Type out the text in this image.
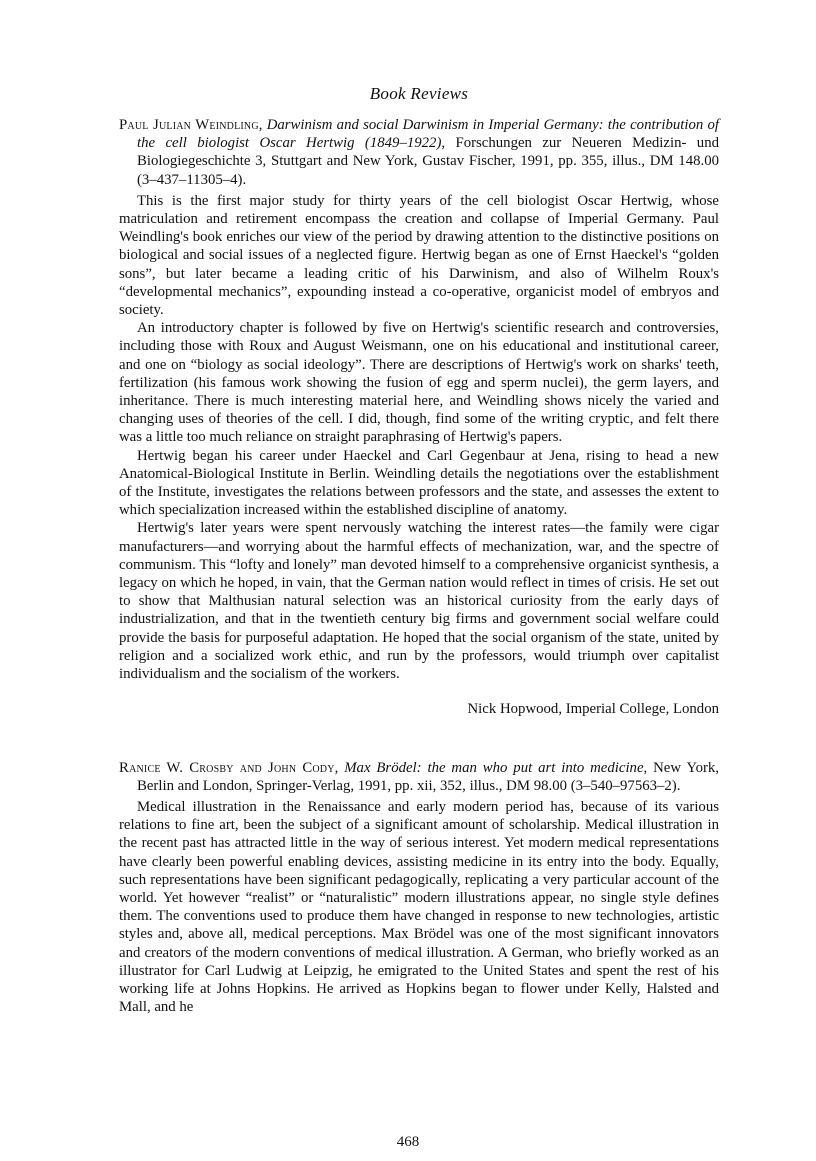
Book Reviews

Paul Julian Weindling, Darwinism and social Darwinism in Imperial Germany: the contribution of the cell biologist Oscar Hertwig (1849–1922), Forschungen zur Neueren Medizin- und Biologiegeschichte 3, Stuttgart and New York, Gustav Fischer, 1991, pp. 355, illus., DM 148.00 (3–437–11305–4).

This is the first major study for thirty years of the cell biologist Oscar Hertwig, whose matriculation and retirement encompass the creation and collapse of Imperial Germany. Paul Weindling's book enriches our view of the period by drawing attention to the distinctive positions on biological and social issues of a neglected figure. Hertwig began as one of Ernst Haeckel's “golden sons”, but later became a leading critic of his Darwinism, and also of Wilhelm Roux's “developmental mechanics”, expoundinɡ instead a co-operative, organicist model of embryos and society.

An introductory chapter is followed by five on Hertwig's scientific research and controversies, including those with Roux and August Weismann, one on his educational and institutional career, and one on “biology as social ideology”. There are descriptions of Hertwig's work on sharks' teeth, fertilization (his famous work showing the fusion of egg and sperm nuclei), the germ layers, and inheritance. There is much interesting material here, and Weindling shows nicely the varied and changing uses of theories of the cell. I did, though, find some of the writing cryptic, and felt there was a little too much reliance on straight paraphrasing of Hertwig's papers.

Hertwig began his career under Haeckel and Carl Gegenbaur at Jena, rising to head a new Anatomical-Biological Institute in Berlin. Weindling details the negotiations over the establishment of the Institute, investigates the relations between professors and the state, and assesses the extent to which specialization increased within the established discipline of anatomy.

Hertwig's later years were spent nervously watching the interest rates—the family were cigar manufacturers—and worrying about the harmful effects of mechanization, war, and the spectre of communism. This “lofty and lonely” man devoted himself to a comprehensive organicist synthesis, a legacy on which he hoped, in vain, that the German nation would reflect in times of crisis. He set out to show that Malthusian natural selection was an historical curiosity from the early days of industrialization, and that in the twentieth century big firms and government social welfare could provide the basis for purposeful adaptation. He hoped that the social organism of the state, united by religion and a socialized work ethic, and run by the professors, would triumph over capitalist individualism and the socialism of the workers.

Nick Hopwood, Imperial College, London

Ranice W. Crosby and John Cody, Max Brödel: the man who put art into medicine, New York, Berlin and London, Springer-Verlag, 1991, pp. xii, 352, illus., DM 98.00 (3–540–97563–2).

Medical illustration in the Renaissance and early modern period has, because of its various relations to fine art, been the subject of a significant amount of scholarship. Medical illustration in the recent past has attracted little in the way of serious interest. Yet modern medical representations have clearly been powerful enabling devices, assisting medicine in its entry into the body. Equally, such representations have been significant pedagogically, replicating a very particular account of the world. Yet however “realist” or “naturalistic” modern illustrations appear, no single style defines them. The conventions used to produce them have changed in response to new technologies, artistic styles and, above all, medical perceptions. Max Brödel was one of the most significant innovators and creators of the modern conventions of medical illustration. A German, who briefly worked as an illustrator for Carl Ludwig at Leipzig, he emigrated to the United States and spent the rest of his working life at Johns Hopkins. He arrived as Hopkins began to flower under Kelly, Halsted and Mall, and he

468
